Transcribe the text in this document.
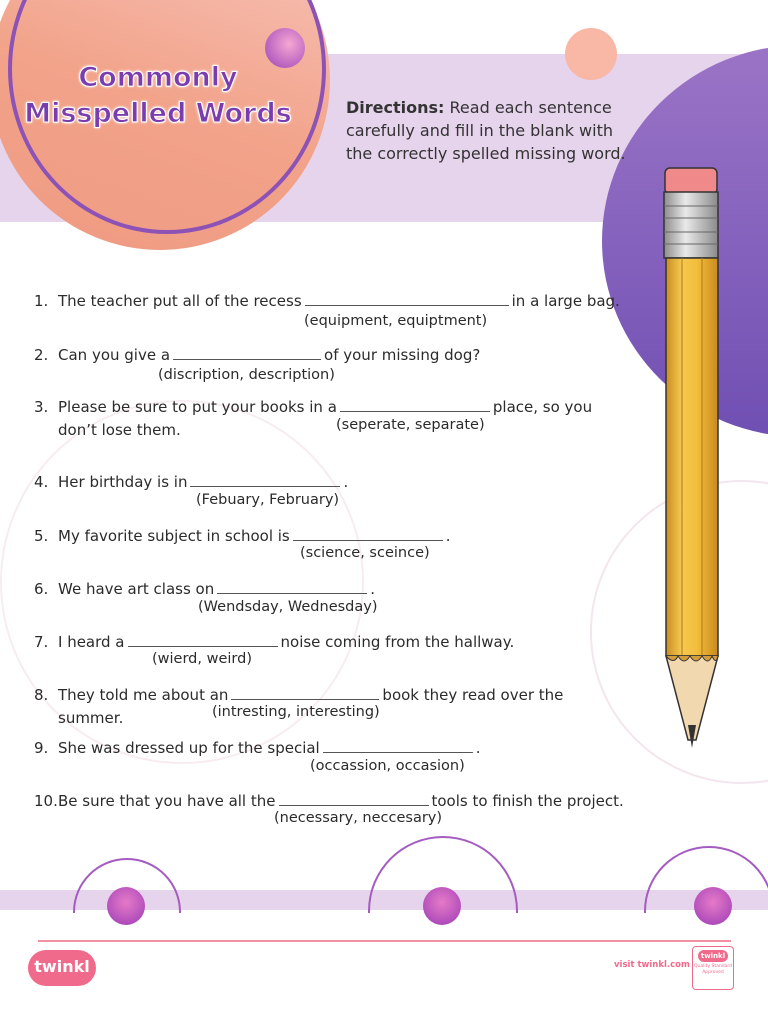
Commonly
Misspelled Words	Directions: Read each sentence carefully and fill in the blank with the correctly spelled missing word.
1. The teacher put all of the recess	in a large bag.
(equipment, equiptment)
2. Can you give a	of your missing dog?
(discription, description)
3. Please be sure to put your books in a	place, so you don’t lose them.	(seperate, separate)
4. Her birthday is in	.
(Febuary, February)
5. My favorite subject in school is	.
(science, sceince)
6. We have art class on	.
(Wendsday, Wednesday)
7. I heard a	noise coming from the hallway.
(wierd, weird)
8. They told me about an	book they read over the summer.	(intresting, interesting)
9. She was dressed up for the special	.
(occassion, occasion)
10. Be sure that you have all the	tools to finish the project.
(necessary, neccesary)
twinkl	visit twinkl.com
twinkl
Quality Standard Approved
